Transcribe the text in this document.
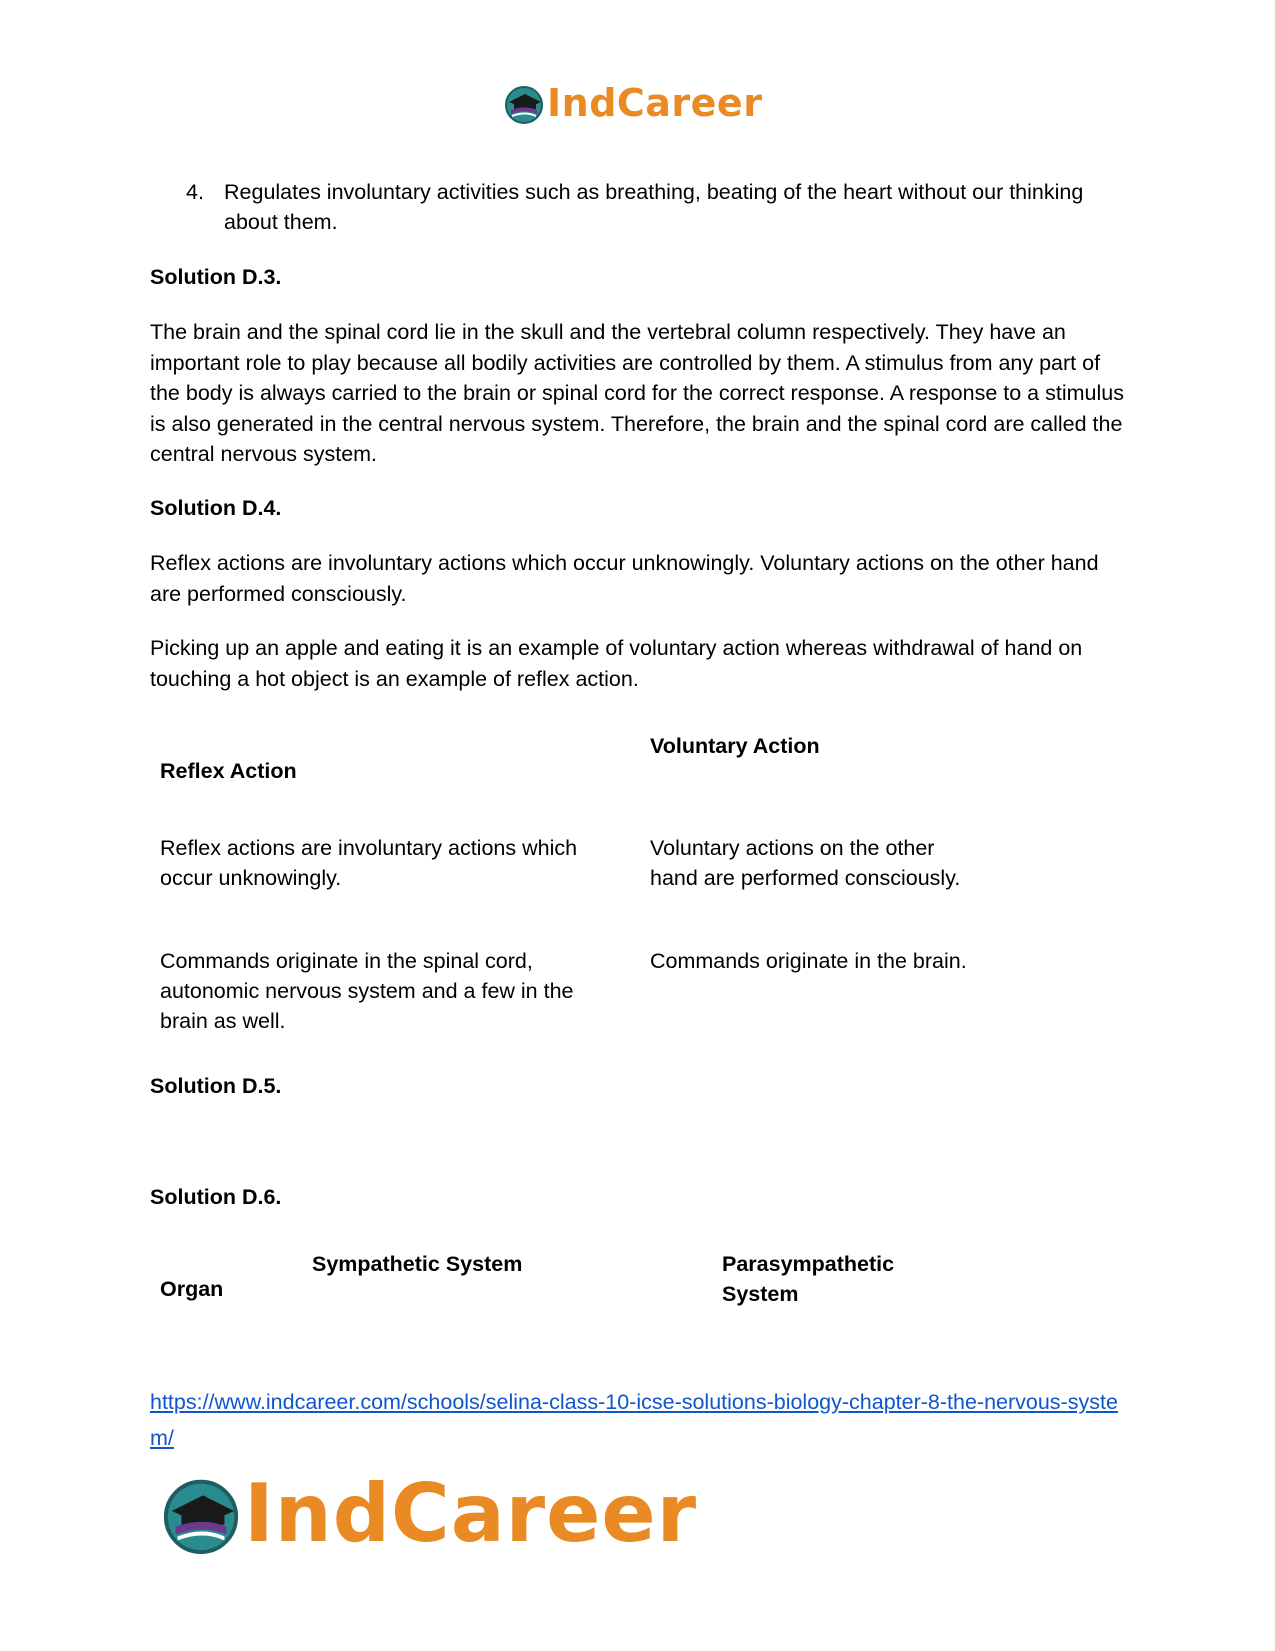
IndCareer
4. Regulates involuntary activities such as breathing, beating of the heart without our thinking about them.
Solution D.3.
The brain and the spinal cord lie in the skull and the vertebral column respectively. They have an important role to play because all bodily activities are controlled by them. A stimulus from any part of the body is always carried to the brain or spinal cord for the correct response. A response to a stimulus is also generated in the central nervous system. Therefore, the brain and the spinal cord are called the central nervous system.
Solution D.4.
Reflex actions are involuntary actions which occur unknowingly. Voluntary actions on the other hand are performed consciously.
Picking up an apple and eating it is an example of voluntary action whereas withdrawal of hand on touching a hot object is an example of reflex action.
Reflex Action
Voluntary Action
Reflex actions are involuntary actions which occur unknowingly.
Voluntary actions on the other hand are performed consciously.
Commands originate in the spinal cord, autonomic nervous system and a few in the brain as well.
Commands originate in the brain.
Solution D.5.
Solution D.6.
Organ
Sympathetic System	Parasympathetic System
https://www.indcareer.com/schools/selina-class-10-icse-solutions-biology-chapter-8-the-nervous-system/
IndCareer
